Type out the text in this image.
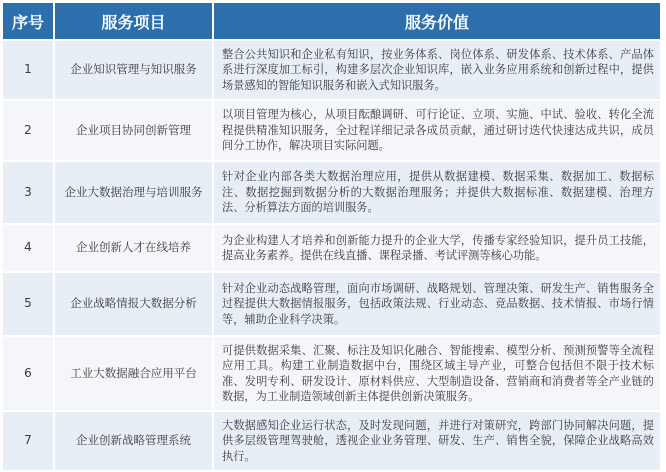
序号	服务项目	服务价值
1	企业知识管理与知识服务	整合公共知识和企业私有知识，按业务体系、岗位体系、研发体系、技术体系、产品体系进行深度加工标引，构建多层次企业知识库，嵌入业务应用系统和创新过程中，提供场景感知的智能知识服务和嵌入式知识服务。
2	企业项目协同创新管理	以项目管理为核心，从项目酝酿调研、可行论证、立项、实施、中试、验收、转化全流程提供精准知识服务，全过程详细记录各成员贡献，通过研讨迭代快速达成共识，成员间分工协作，解决项目实际问题。
3	企业大数据治理与培训服务	针对企业内部各类大数据治理应用，提供从数据建模、数据采集、数据加工、数据标注、数据挖掘到数据分析的大数据治理服务；并提供大数据标准、数据建模、治理方法、分析算法方面的培训服务。
4	企业创新人才在线培养	为企业构建人才培养和创新能力提升的企业大学，传播专家经验知识，提升员工技能，提高业务素养。提供在线直播、课程录播、考试评测等核心功能。
5	企业战略情报大数据分析	针对企业动态战略管理，面向市场调研、战略规划、管理决策、研发生产、销售服务全过程提供大数据情报服务，包括政策法规、行业动态、竞品数据、技术情报、市场行情等，辅助企业科学决策。
6	工业大数据融合应用平台	可提供数据采集、汇聚、标注及知识化融合、智能搜索、模型分析、预测预警等全流程应用工具。构建工业制造数据中台，围绕区域主导产业，可整合包括但不限于技术标准、发明专利、研发设计、原材料供应、大型制造设备、营销商和消费者等全产业链的数据，为工业制造领域创新主体提供创新决策服务。
7	企业创新战略管理系统	大数据感知企业运行状态，及时发现问题，并进行对策研究，跨部门协同解决问题，提供多层级管理驾驶舱，透视企业业务管理、研发、生产、销售全貌，保障企业战略高效执行。
